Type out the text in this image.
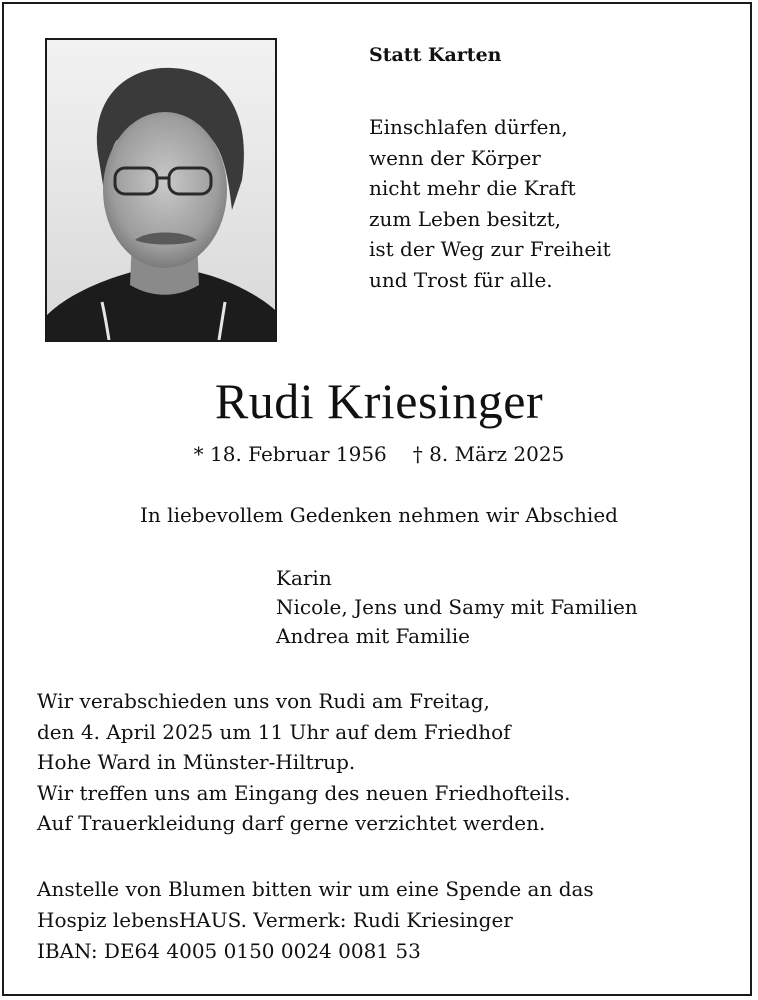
Statt Karten
Einschlafen dürfen,
wenn der Körper
nicht mehr die Kraft
zum Leben besitzt,
ist der Weg zur Freiheit
und Trost für alle.
Rudi Kriesinger
* 18. Februar 1956 † 8. März 2025
In liebevollem Gedenken nehmen wir Abschied
Karin
Nicole, Jens und Samy mit Familien
Andrea mit Familie
Wir verabschieden uns von Rudi am Freitag,
den 4. April 2025 um 11 Uhr auf dem Friedhof
Hohe Ward in Münster-Hiltrup.
Wir treffen uns am Eingang des neuen Friedhofteils.
Auf Trauerkleidung darf gerne verzichtet werden.
Anstelle von Blumen bitten wir um eine Spende an das
Hospiz lebensHAUS. Vermerk: Rudi Kriesinger
IBAN: DE64 4005 0150 0024 0081 53
